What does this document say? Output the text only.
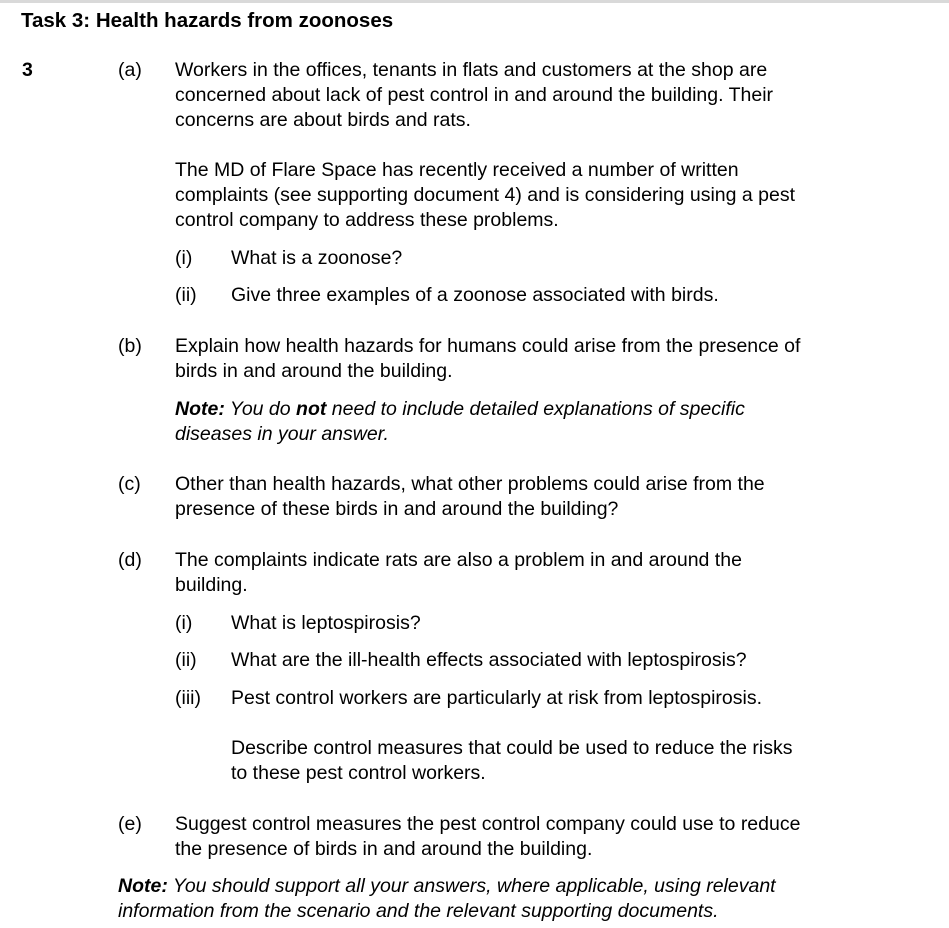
Task 3: Health hazards from zoonoses
3	(a) Workers in the offices, tenants in flats and customers at the shop are
concerned about lack of pest control in and around the building. Their
concerns are about birds and rats.
The MD of Flare Space has recently received a number of written
complaints (see supporting document 4) and is considering using a pest
control company to address these problems.
(i) What is a zoonose?
(ii) Give three examples of a zoonose associated with birds.
(b) Explain how health hazards for humans could arise from the presence of
birds in and around the building.
Note: You do not need to include detailed explanations of specific
diseases in your answer.
(c) Other than health hazards, what other problems could arise from the
presence of these birds in and around the building?
(d) The complaints indicate rats are also a problem in and around the
building.
(i) What is leptospirosis?
(ii) What are the ill-health effects associated with leptospirosis?
(iii) Pest control workers are particularly at risk from leptospirosis.
Describe control measures that could be used to reduce the risks
to these pest control workers.
(e) Suggest control measures the pest control company could use to reduce
the presence of birds in and around the building.
Note: You should support all your answers, where applicable, using relevant
information from the scenario and the relevant supporting documents.
